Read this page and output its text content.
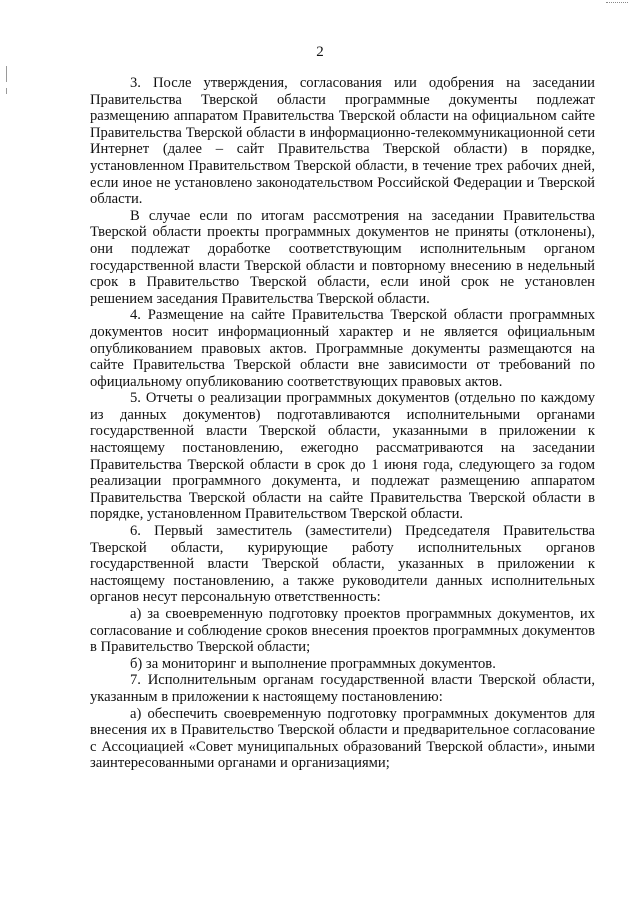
2

3. После утверждения, согласования или одобрения на заседании Правительства Тверской области программные документы подлежат размещению аппаратом Правительства Тверской области на официальном сайте Правительства Тверской области в информационно-телекоммуникационной сети Интернет (далее – сайт Правительства Тверской области) в порядке, установленном Правительством Тверской области, в течение трех рабочих дней, если иное не установлено законодательством Российской Федерации и Тверской области.

В случае если по итогам рассмотрения на заседании Правительства Тверской области проекты программных документов не приняты (отклонены), они подлежат доработке соответствующим исполнительным органом государственной власти Тверской области и повторному внесению в недельный срок в Правительство Тверской области, если иной срок не установлен решением заседания Правительства Тверской области.

4. Размещение на сайте Правительства Тверской области программных документов носит информационный характер и не является официальным опубликованием правовых актов. Программные документы размещаются на сайте Правительства Тверской области вне зависимости от требований по официальному опубликованию соответствующих правовых актов.

5. Отчеты о реализации программных документов (отдельно по каждому из данных документов) подготавливаются исполнительными органами государственной власти Тверской области, указанными в приложении к настоящему постановлению, ежегодно рассматриваются на заседании Правительства Тверской области в срок до 1 июня года, следующего за годом реализации программного документа, и подлежат размещению аппаратом Правительства Тверской области на сайте Правительства Тверской области в порядке, установленном Правительством Тверской области.

6. Первый заместитель (заместители) Председателя Правительства Тверской области, курирующие работу исполнительных органов государственной власти Тверской области, указанных в приложении к настоящему постановлению, а также руководители данных исполнительных органов несут персональную ответственность:

а) за своевременную подготовку проектов программных документов, их согласование и соблюдение сроков внесения проектов программных документов в Правительство Тверской области;

б) за мониторинг и выполнение программных документов.

7. Исполнительным органам государственной власти Тверской области, указанным в приложении к настоящему постановлению:

а) обеспечить своевременную подготовку программных документов для внесения их в Правительство Тверской области и предварительное согласование с Ассоциацией «Совет муниципальных образований Тверской области», иными заинтересованными органами и организациями;
